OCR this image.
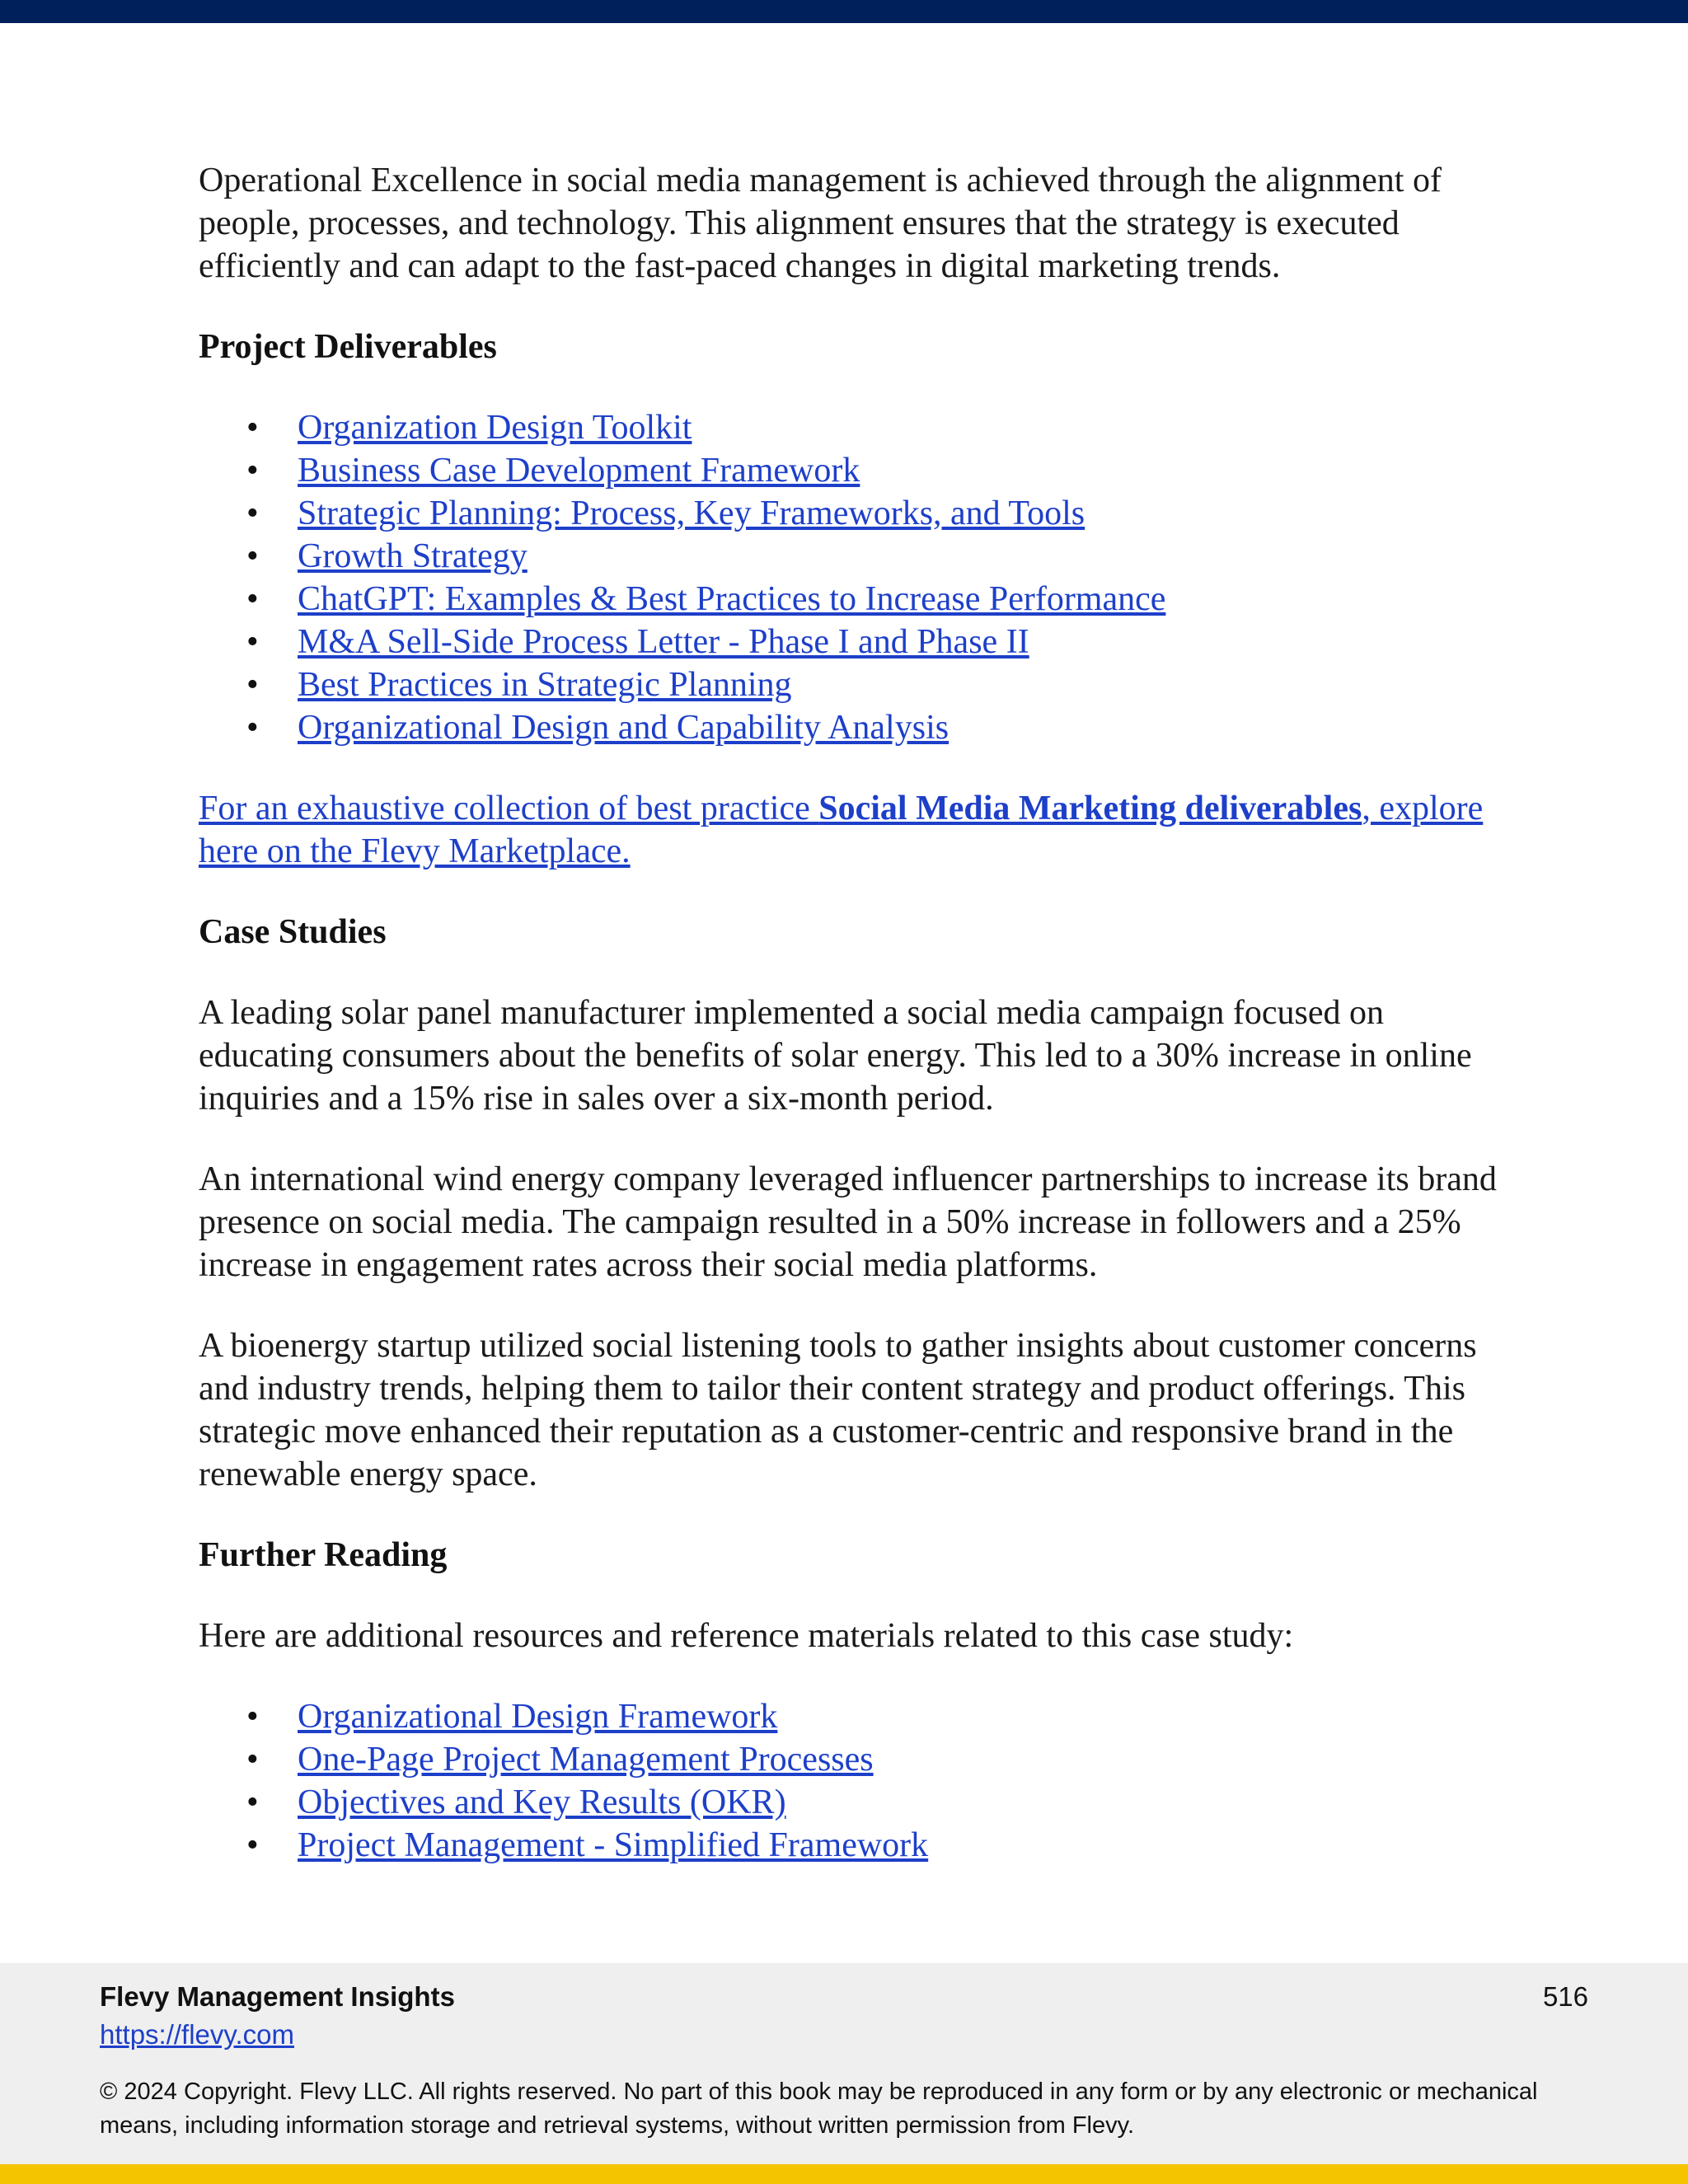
Operational Excellence in social media management is achieved through the alignment of people, processes, and technology. This alignment ensures that the strategy is executed efficiently and can adapt to the fast-paced changes in digital marketing trends.

Project Deliverables
• Organization Design Toolkit
• Business Case Development Framework
• Strategic Planning: Process, Key Frameworks, and Tools
• Growth Strategy
• ChatGPT: Examples & Best Practices to Increase Performance
• M&A Sell-Side Process Letter - Phase I and Phase II
• Best Practices in Strategic Planning
• Organizational Design and Capability Analysis
For an exhaustive collection of best practice Social Media Marketing deliverables, explore here on the Flevy Marketplace.
Case Studies

A leading solar panel manufacturer implemented a social media campaign focused on educating consumers about the benefits of solar energy. This led to a 30% increase in online inquiries and a 15% rise in sales over a six-month period.

An international wind energy company leveraged influencer partnerships to increase its brand presence on social media. The campaign resulted in a 50% increase in followers and a 25% increase in engagement rates across their social media platforms.

A bioenergy startup utilized social listening tools to gather insights about customer concerns and industry trends, helping them to tailor their content strategy and product offerings. This strategic move enhanced their reputation as a customer-centric and responsive brand in the renewable energy space.

Further Reading

Here are additional resources and reference materials related to this case study:

• Organizational Design Framework
• One-Page Project Management Processes
• Objectives and Key Results (OKR)
• Project Management - Simplified Framework
Flevy Management Insights
https://flevy.com
516
© 2024 Copyright. Flevy LLC. All rights reserved. No part of this book may be reproduced in any form or by any electronic or mechanical means, including information storage and retrieval systems, without written permission from Flevy.
